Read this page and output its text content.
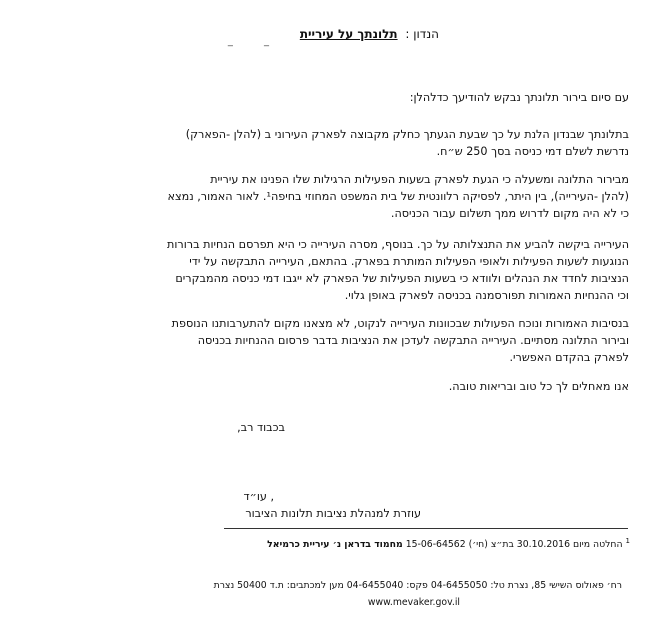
הנדון : תלונתך על עיריית
_ _
עם סיום בירור תלונתך נבקש להודיעך כדלהלן:
בתלונתך שבנדון הלנת על כך שבעת הגעתך כחלק מקבוצה לפארק העירוני ב (להלן -הפארק)
נדרשת לשלם דמי כניסה בסך 250 ש״ח.
מבירור התלונה ומשעלה כי הגעת לפארק בשעות הפעילות הרגילות שלו הפנינו את עיריית
(להלן -העירייה), בין היתר, לפסיקה רלוונטית של בית המשפט המחוזי בחיפה¹. לאור האמור, נמצא
כי לא היה מקום לדרוש ממך תשלום עבור הכניסה.
העירייה ביקשה להביע את התנצלותה על כך. בנוסף, מסרה העירייה כי היא תפרסם הנחיות ברורות
הנוגעות לשעות הפעילות ולאופי הפעילות המותרת בפארק. בהתאם, העירייה התבקשה על ידי
הנציבות לחדד את הנהלים ולוודא כי בשעות הפעילות של הפארק לא ייגבו דמי כניסה מהמבקרים
וכי ההנחיות האמורות תפורסמנה בכניסה לפארק באופן גלוי.
בנסיבות האמורות ונוכח הפעולות שבכוונות העירייה לנקוט, לא מצאנו מקום להתערבותנו הנוספת
ובירור התלונה מסתיים. העירייה התבקשה לעדכן את הנציבות בדבר פרסום ההנחיות בכניסה
לפארק בהקדם האפשרי.
אנו מאחלים לך כל טוב ובריאות טובה.
בכבוד רב,
, עו״ד
עוזרת למנהלת נציבות תלונות הציבור
$^1$ החלטה מיום 30.10.2016 בת״צ (חי׳) 15-06-64562 מחמוד בדראן נ׳ עיריית כרמיאל
רח׳ פאולוס השישי 85, נצרת טל: 04-6455050 פקס: 04-6455040 מען למכתבים: ת.ד 50400 נצרת
www.mevaker.gov.il
